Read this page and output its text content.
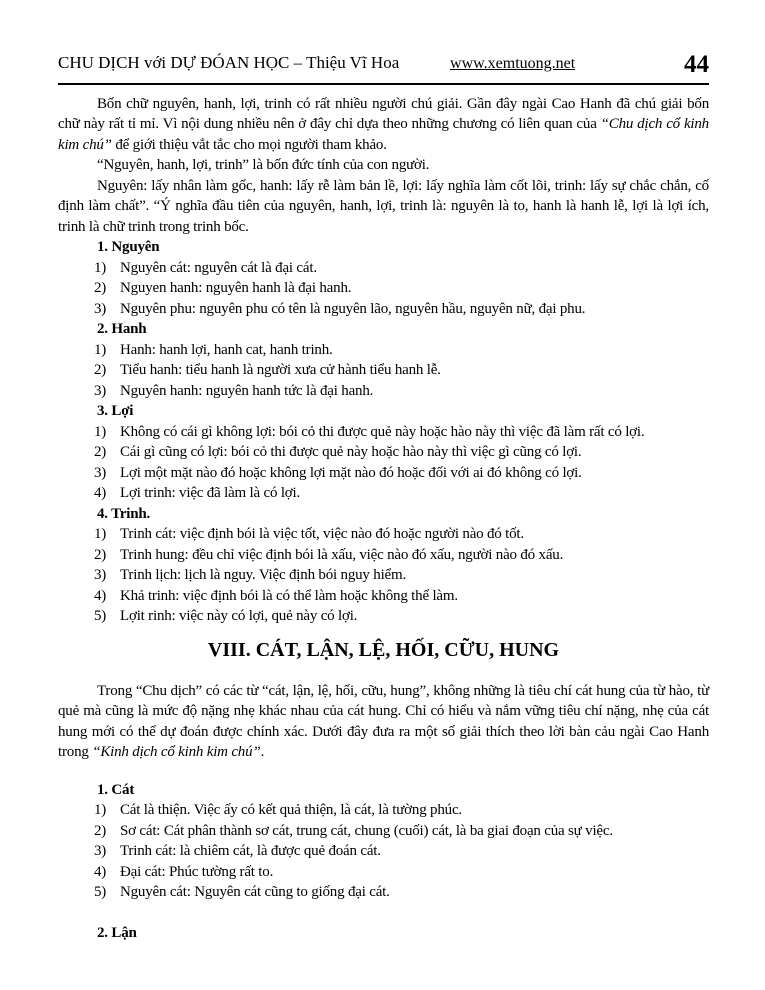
CHU DỊCH với DỰ ĐÓAN HỌC – Thiệu Vĩ Hoa	www.xemtuong.net	44

Bốn chữ nguyên, hanh, lợi, trinh có rất nhiều người chú giải. Gần đây ngài Cao Hanh đã chú giải bốn chữ này rất tỉ mỉ. Vì nội dung nhiều nên ở đây chỉ dựa theo những chương có liên quan của “Chu dịch cổ kinh kim chú” để giới thiệu vắt tắc cho mọi người tham khảo.

“Nguyên, hanh, lợi, trinh” là bốn đức tính của con người.

Nguyên: lấy nhân làm gốc, hanh: lấy rễ làm bản lề, lợi: lấy nghĩa làm cốt lõi, trinh: lấy sự chắc chắn, cố định làm chất”. “Ý nghĩa đầu tiên của nguyên, hanh, lợi, trinh là: nguyên là to, hanh là hanh lễ, lợi là lợi ích, trinh là chữ trinh trong trinh bốc.

1. Nguyên
1) Nguyên cát: nguyên cát là đại cát.
2) Nguyen hanh: nguyên hanh là đại hanh.
3) Nguyên phu: nguyên phu có tên là nguyên lão, nguyên hầu, nguyên nữ, đại phu.
2. Hanh
1) Hanh: hanh lợi, hanh cat, hanh trinh.
2) Tiểu hanh: tiểu hanh là người xưa cử hành tiểu hanh lễ.
3) Nguyên hanh: nguyên hanh tức là đại hanh.
3. Lợi
1) Không có cái gì không lợi: bói cỏ thi được quẻ này hoặc hào này thì việc đã làm rất có lợi.
2) Cái gì cũng có lợi: bói cỏ thi được quẻ này hoặc hào này thì việc gì cũng có lợi.
3) Lợi một mặt nào đó hoặc không lợi mặt nào đó hoặc đối với ai đó không có lợi.
4) Lợi trinh: việc đã làm là có lợi.
4. Trinh.
1) Trinh cát: việc định bói là việc tốt, việc nào đó hoặc người nào đó tốt.
2) Trinh hung: đều chỉ việc định bói là xấu, việc nào đó xấu, người nào đó xấu.
3) Trinh lịch: lịch là nguy. Việc định bói nguy hiểm.
4) Khả trinh: việc định bói là có thể làm hoặc không thể làm.
5) Lợit rinh: việc này có lợi, quẻ này có lợi.
VIII. CÁT, LẬN, LỆ, HỐI, CỮU, HUNG

Trong “Chu dịch” có các từ “cát, lận, lệ, hối, cữu, hung”, không những là tiêu chí cát hung của từ hào, từ quẻ mà cũng là mức độ nặng nhẹ khác nhau của cát hung. Chỉ có hiểu và nắm vững tiêu chí nặng, nhẹ của cát hung mới có thể dự đoán được chính xác. Dưới đây đưa ra một số giải thích theo lời bàn cảu ngài Cao Hanh trong “Kinh dịch cổ kinh kim chú”.

1. Cát
1) Cát là thiện. Việc ấy có kết quả thiện, là cát, là tường phúc.
2) Sơ cát: Cát phân thành sơ cát, trung cát, chung (cuối) cát, là ba giai đoạn của sự việc.
3) Trinh cát: là chiêm cát, là được quẻ đoán cát.
4) Đại cát: Phúc tường rất to.
5) Nguyên cát: Nguyên cát cũng to giống đại cát.
2. Lận
